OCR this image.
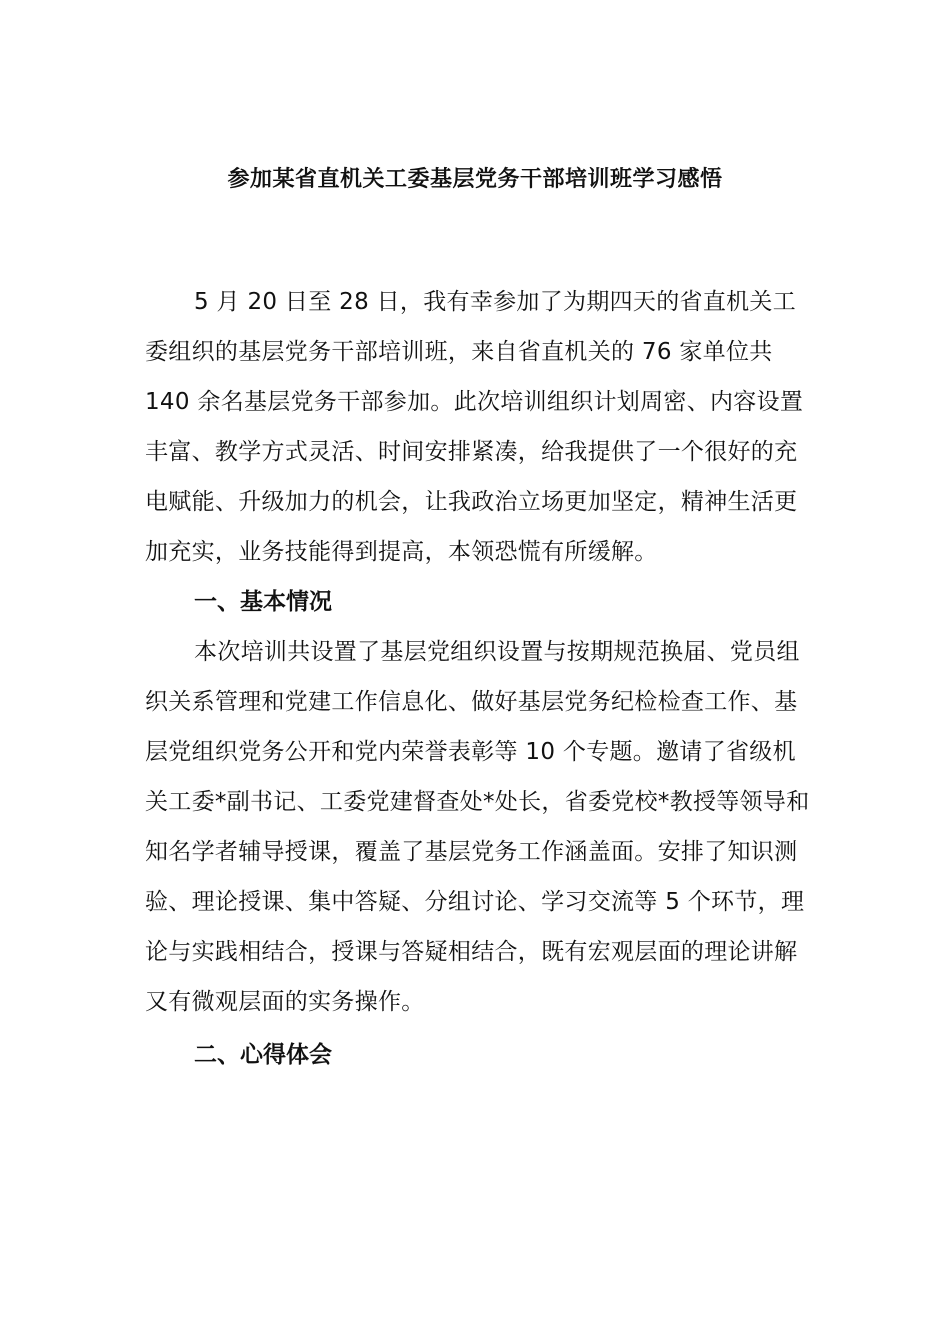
参加某省直机关工委基层党务干部培训班学习感悟

5 月 20 日至 28 日，我有幸参加了为期四天的省直机关工委组织的基层党务干部培训班，来自省直机关的 76 家单位共 140 余名基层党务干部参加。此次培训组织计划周密、内容设置丰富、教学方式灵活、时间安排紧凑，给我提供了一个很好的充电赋能、升级加力的机会，让我政治立场更加坚定，精神生活更加充实，业务技能得到提高，本领恐慌有所缓解。

一、基本情况

本次培训共设置了基层党组织设置与按期规范换届、党员组织关系管理和党建工作信息化、做好基层党务纪检检查工作、基层党组织党务公开和党内荣誉表彰等 10 个专题。邀请了省级机关工委*副书记、工委党建督查处*处长，省委党校*教授等领导和知名学者辅导授课，覆盖了基层党务工作涵盖面。安排了知识测验、理论授课、集中答疑、分组讨论、学习交流等 5 个环节，理论与实践相结合，授课与答疑相结合，既有宏观层面的理论讲解又有微观层面的实务操作。

二、心得体会
